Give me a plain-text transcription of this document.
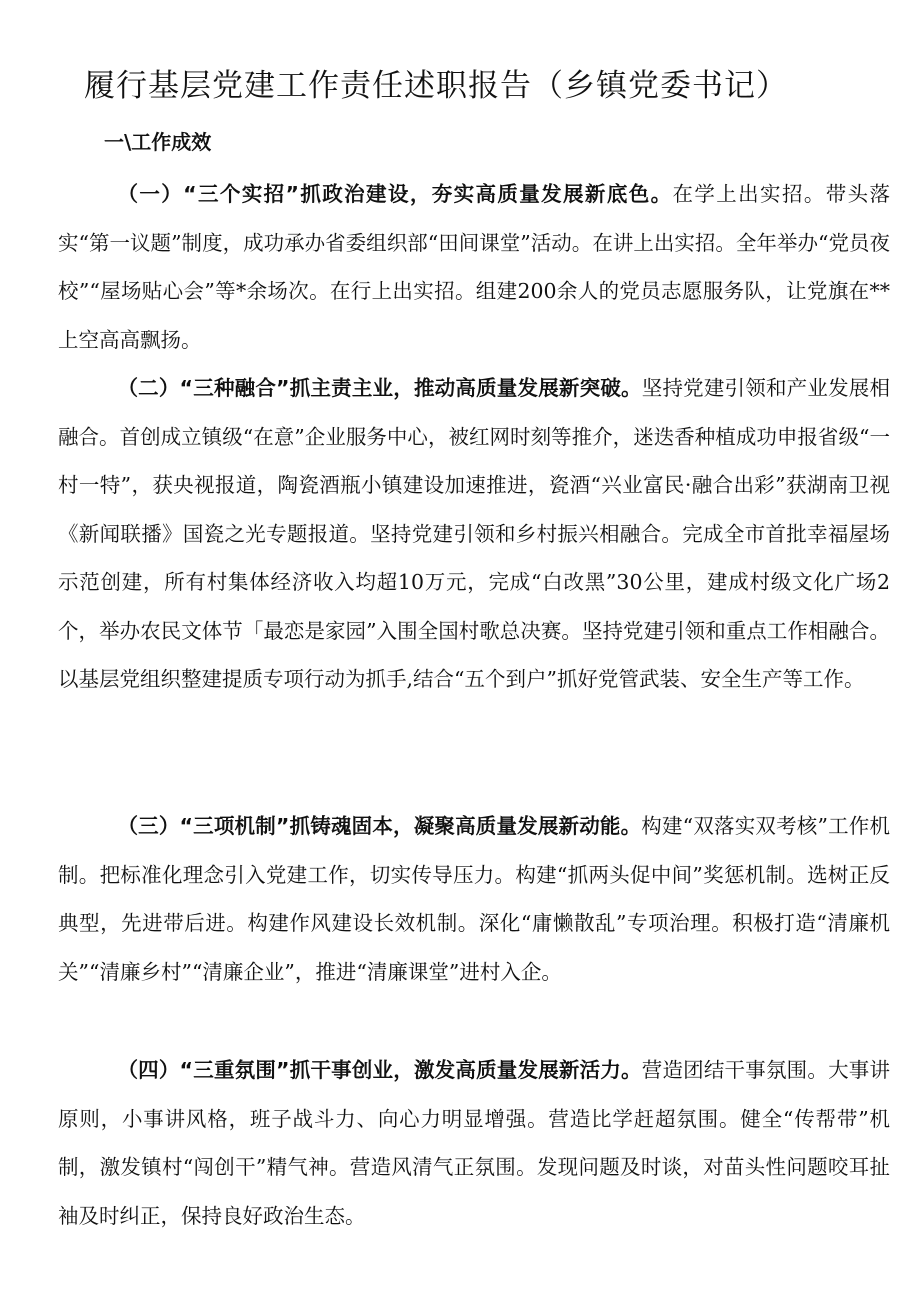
履行基层党建工作责任述职报告（乡镇党委书记）
一\工作成效

（一）“三个实招”抓政治建设，夯实高质量发展新底色。在学上出实招。带头落实“第一议题”制度，成功承办省委组织部“田间课堂”活动。在讲上出实招。全年举办“党员夜校”“屋场贴心会”等*余场次。在行上出实招。组建200余人的党员志愿服务队，让党旗在**上空高高飘扬。

（二）“三种融合”抓主责主业，推动高质量发展新突破。坚持党建引领和产业发展相融合。首创成立镇级“在意”企业服务中心，被红网时刻等推介，迷迭香种植成功申报省级“一村一特”，获央视报道，陶瓷酒瓶小镇建设加速推进，瓷酒“兴业富民·融合出彩”获湖南卫视《新闻联播》国瓷之光专题报道。坚持党建引领和乡村振兴相融合。完成全市首批幸福屋场示范创建，所有村集体经济收入均超10万元，完成“白改黑”30公里，建成村级文化广场2个，举办农民文体节「最恋是家园”入围全国村歌总决赛。坚持党建引领和重点工作相融合。以基层党组织整建提质专项行动为抓手,结合“五个到户”抓好党管武装、安全生产等工作。

（三）“三项机制”抓铸魂固本，凝聚高质量发展新动能。构建“双落实双考核”工作机制。把标准化理念引入党建工作，切实传导压力。构建“抓两头促中间”奖惩机制。选树正反典型，先进带后进。构建作风建设长效机制。深化“庸懒散乱”专项治理。积极打造“清廉机关”“清廉乡村”“清廉企业”，推进“清廉课堂”进村入企。

（四）“三重氛围”抓干事创业，激发高质量发展新活力。营造团结干事氛围。大事讲原则，小事讲风格，班子战斗力、向心力明显增强。营造比学赶超氛围。健全“传帮带”机制，激发镇村“闯创干”精气神。营造风清气正氛围。发现问题及时谈，对苗头性问题咬耳扯袖及时纠正，保持良好政治生态。
